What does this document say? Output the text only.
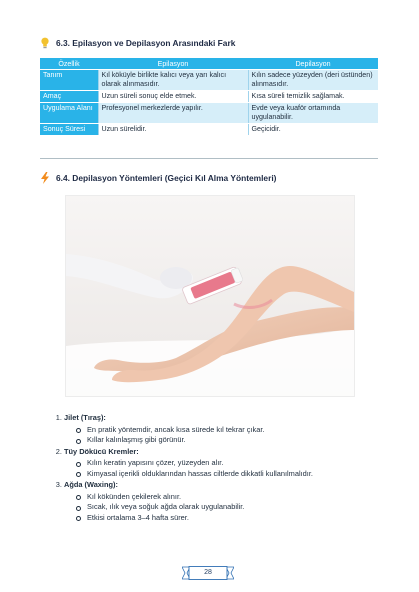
6.3. Epilasyon ve Depilasyon Arasındaki Fark
Özellik	Epilasyon	Depilasyon
Tanım	Kıl köküyle birlikte kalıcı veya yarı kalıcı olarak alınmasıdır.	Kılın sadece yüzeyden (deri üstünden) alınmasıdır.
Amaç	Uzun süreli sonuç elde etmek.	Kısa süreli temizlik sağlamak.
Uygulama Alanı	Profesyonel merkezlerde yapılır.	Evde veya kuaför ortamında uygulanabilir.
Sonuç Süresi	Uzun sürelidir.	Geçicidir.
6.4. Depilasyon Yöntemleri (Geçici Kıl Alma Yöntemleri)
1. Jilet (Tıraş):
En pratik yöntemdir, ancak kısa sürede kıl tekrar çıkar.
Kıllar kalınlaşmış gibi görünür.
2. Tüy Dökücü Kremler:
Kılın keratin yapısını çözer, yüzeyden alır.
Kimyasal içerikli olduklarından hassas ciltlerde dikkatli kullanılmalıdır.
3. Ağda (Waxing):
Kıl kökünden çekilerek alınır.
Sıcak, ılık veya soğuk ağda olarak uygulanabilir.
Etkisi ortalama 3–4 hafta sürer.
28
